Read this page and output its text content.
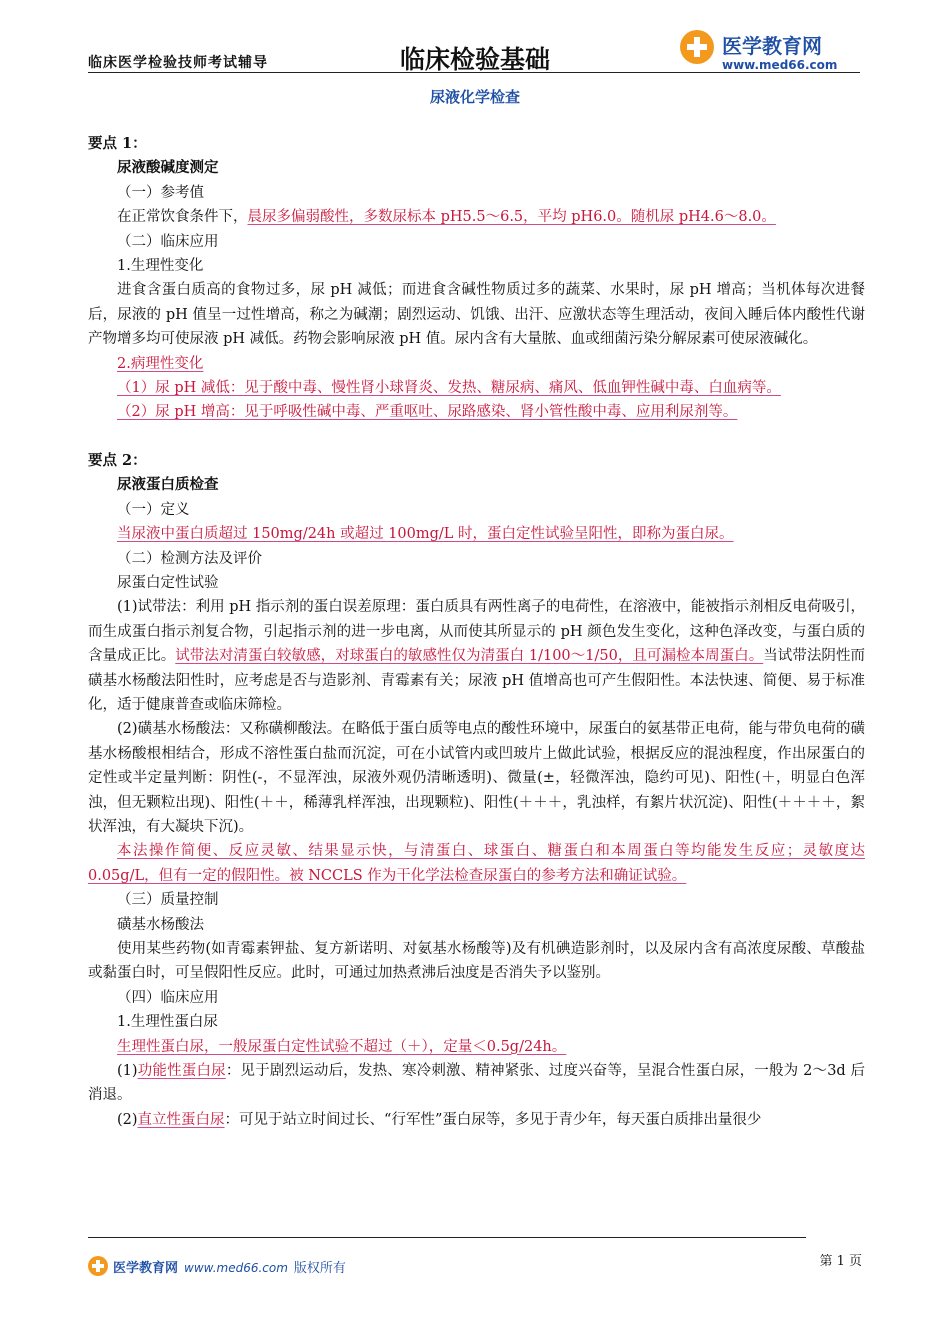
临床医学检验技师考试辅导	临床检验基础	医学教育网
www.med66.com
尿液化学检查

要点 1：

尿液酸碱度测定

（一）参考值

在正常饮食条件下，晨尿多偏弱酸性，多数尿标本 pH5.5～6.5，平均 pH6.0。随机尿 pH4.6～8.0。

（二）临床应用

1.生理性变化

进食含蛋白质高的食物过多，尿 pH 减低；而进食含碱性物质过多的蔬菜、水果时，尿 pH 增高；当机体每次进餐后，尿液的 pH 值呈一过性增高，称之为碱潮；剧烈运动、饥饿、出汗、应激状态等生理活动，夜间入睡后体内酸性代谢产物增多均可使尿液 pH 减低。药物会影响尿液 pH 值。尿内含有大量脓、血或细菌污染分解尿素可使尿液碱化。

2.病理性变化

（1）尿 pH 减低：见于酸中毒、慢性肾小球肾炎、发热、糖尿病、痛风、低血钾性碱中毒、白血病等。

（2）尿 pH 增高：见于呼吸性碱中毒、严重呕吐、尿路感染、肾小管性酸中毒、应用利尿剂等。

要点 2：

尿液蛋白质检查

（一）定义

当尿液中蛋白质超过 150mg/24h 或超过 100mg/L 时，蛋白定性试验呈阳性，即称为蛋白尿。

（二）检测方法及评价

尿蛋白定性试验

(1)试带法：利用 pH 指示剂的蛋白误差原理：蛋白质具有两性离子的电荷性，在溶液中，能被指示剂相反电荷吸引，而生成蛋白指示剂复合物，引起指示剂的进一步电离，从而使其所显示的 pH 颜色发生变化，这种色泽改变，与蛋白质的含量成正比。试带法对清蛋白较敏感，对球蛋白的敏感性仅为清蛋白 1/100～1/50，且可漏检本周蛋白。当试带法阴性而磺基水杨酸法阳性时，应考虑是否与造影剂、青霉素有关；尿液 pH 值增高也可产生假阳性。本法快速、简便、易于标准化，适于健康普查或临床筛检。

(2)磺基水杨酸法：又称磺柳酸法。在略低于蛋白质等电点的酸性环境中，尿蛋白的氨基带正电荷，能与带负电荷的磺基水杨酸根相结合，形成不溶性蛋白盐而沉淀，可在小试管内或凹玻片上做此试验，根据反应的混浊程度，作出尿蛋白的定性或半定量判断：阴性(-，不显浑浊，尿液外观仍清晰透明)、微量(±，轻微浑浊，隐约可见)、阳性(＋，明显白色浑浊，但无颗粒出现)、阳性(＋＋，稀薄乳样浑浊，出现颗粒)、阳性(＋＋＋，乳浊样，有絮片状沉淀)、阳性(＋＋＋＋，絮状浑浊，有大凝块下沉)。

本法操作简便、反应灵敏、结果显示快，与清蛋白、球蛋白、糖蛋白和本周蛋白等均能发生反应；灵敏度达 0.05g/L，但有一定的假阳性。被 NCCLS 作为干化学法检查尿蛋白的参考方法和确证试验。

（三）质量控制

磺基水杨酸法

使用某些药物(如青霉素钾盐、复方新诺明、对氨基水杨酸等)及有机碘造影剂时，以及尿内含有高浓度尿酸、草酸盐或黏蛋白时，可呈假阳性反应。此时，可通过加热煮沸后浊度是否消失予以鉴别。

（四）临床应用

1.生理性蛋白尿

生理性蛋白尿，一般尿蛋白定性试验不超过（＋），定量＜0.5g/24h。

(1)功能性蛋白尿：见于剧烈运动后，发热、寒冷刺激、精神紧张、过度兴奋等，呈混合性蛋白尿，一般为 2～3d 后消退。

(2)直立性蛋白尿：可见于站立时间过长、“行军性”蛋白尿等，多见于青少年，每天蛋白质排出量很少

医学教育网 www.med66.com 版权所有	第 1 页
